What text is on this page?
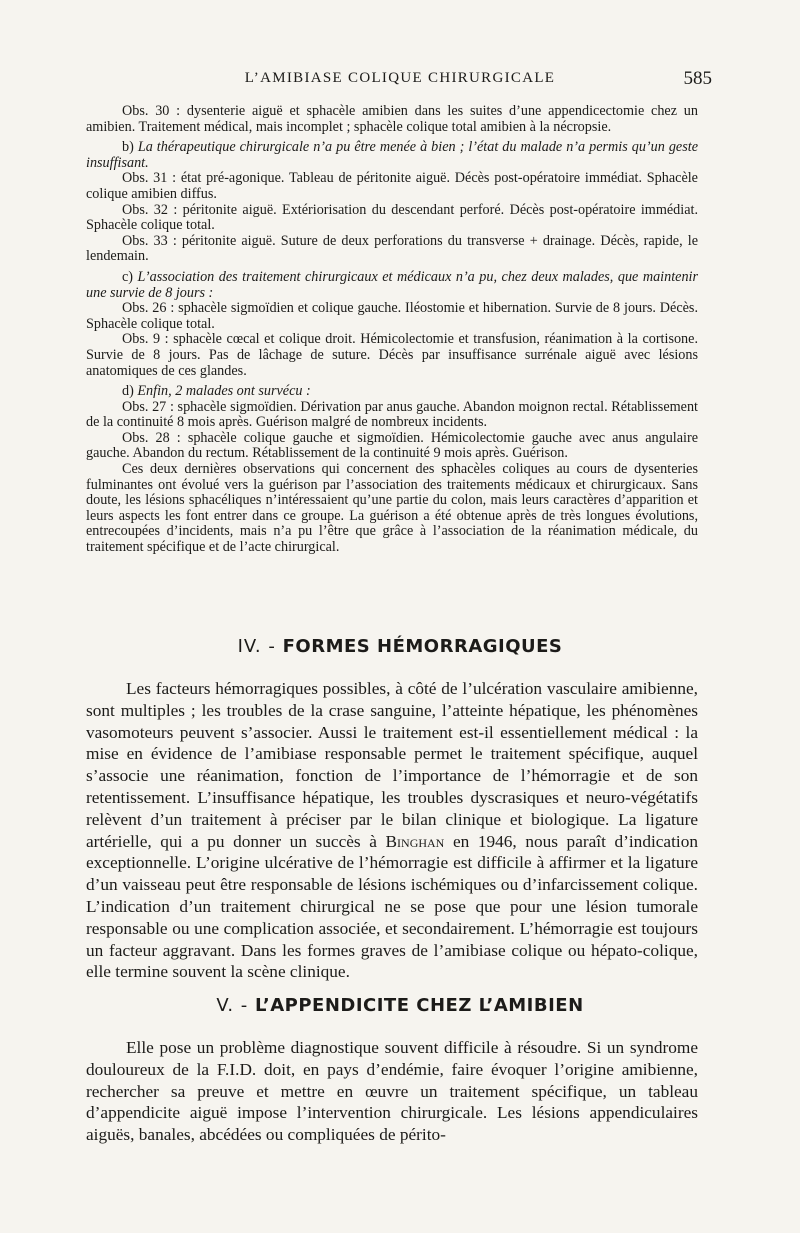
L’AMIBIASE COLIQUE CHIRURGICALE	585

Obs. 30 : dysenterie aiguë et sphacèle amibien dans les suites d’une appendicectomie chez un amibien. Traitement médical, mais incomplet ; sphacèle colique total amibien à la nécropsie.

b) La thérapeutique chirurgicale n’a pu être menée à bien ; l’état du malade n’a permis qu’un geste insuffisant.

Obs. 31 : état pré-agonique. Tableau de péritonite aiguë. Décès post-opératoire immédiat. Sphacèle colique amibien diffus.

Obs. 32 : péritonite aiguë. Extériorisation du descendant perforé. Décès post-opératoire immédiat. Sphacèle colique total.

Obs. 33 : péritonite aiguë. Suture de deux perforations du transverse + drainage. Décès, rapide, le lendemain.

c) L’association des traitement chirurgicaux et médicaux n’a pu, chez deux malades, que maintenir une survie de 8 jours :

Obs. 26 : sphacèle sigmoïdien et colique gauche. Iléostomie et hibernation. Survie de 8 jours. Décès. Sphacèle colique total.

Obs. 9 : sphacèle cœcal et colique droit. Hémicolectomie et transfusion, réanimation à la cortisone. Survie de 8 jours. Pas de lâchage de suture. Décès par insuffisance surrénale aiguë avec lésions anatomiques de ces glandes.

d) Enfin, 2 malades ont survécu :

Obs. 27 : sphacèle sigmoïdien. Dérivation par anus gauche. Abandon moignon rectal. Rétablissement de la continuité 8 mois après. Guérison malgré de nombreux incidents.

Obs. 28 : sphacèle colique gauche et sigmoïdien. Hémicolectomie gauche avec anus angulaire gauche. Abandon du rectum. Rétablissement de la continuité 9 mois après. Guérison.

Ces deux dernières observations qui concernent des sphacèles coliques au cours de dysenteries fulminantes ont évolué vers la guérison par l’association des traitements médicaux et chirurgicaux. Sans doute, les lésions sphacéliques n’intéressaient qu’une partie du colon, mais leurs caractères d’apparition et leurs aspects les font entrer dans ce groupe. La guérison a été obtenue après de très longues évolutions, entrecoupées d’incidents, mais n’a pu l’être que grâce à l’association de la réanimation médicale, du traitement spécifique et de l’acte chirurgical.

IV. - FORMES HÉMORRAGIQUES

Les facteurs hémorragiques possibles, à côté de l’ulcération vasculaire amibienne, sont multiples ; les troubles de la crase sanguine, l’atteinte hépatique, les phénomènes vasomoteurs peuvent s’associer. Aussi le traitement est-il essentiellement médical : la mise en évidence de l’amibiase responsable permet le traitement spécifique, auquel s’associe une réanimation, fonction de l’importance de l’hémorragie et de son retentissement. L’insuffisance hépatique, les troubles dyscrasiques et neuro-végétatifs relèvent d’un traitement à préciser par le bilan clinique et biologique. La ligature artérielle, qui a pu donner un succès à Binghan en 1946, nous paraît d’indication exceptionnelle. L’origine ulcérative de l’hémorragie est difficile à affirmer et la ligature d’un vaisseau peut être responsable de lésions ischémiques ou d’infarcissement colique. L’indication d’un traitement chirurgical ne se pose que pour une lésion tumorale responsable ou une complication associée, et secondairement. L’hémorragie est toujours un facteur aggravant. Dans les formes graves de l’amibiase colique ou hépato-colique, elle termine souvent la scène clinique.

V. - L’APPENDICITE CHEZ L’AMIBIEN

Elle pose un problème diagnostique souvent difficile à résoudre. Si un syndrome douloureux de la F.I.D. doit, en pays d’endémie, faire évoquer l’origine amibienne, rechercher sa preuve et mettre en œuvre un traitement spécifique, un tableau d’appendicite aiguë impose l’intervention chirurgicale. Les lésions appendiculaires aiguës, banales, abcédées ou compliquées de périto-
